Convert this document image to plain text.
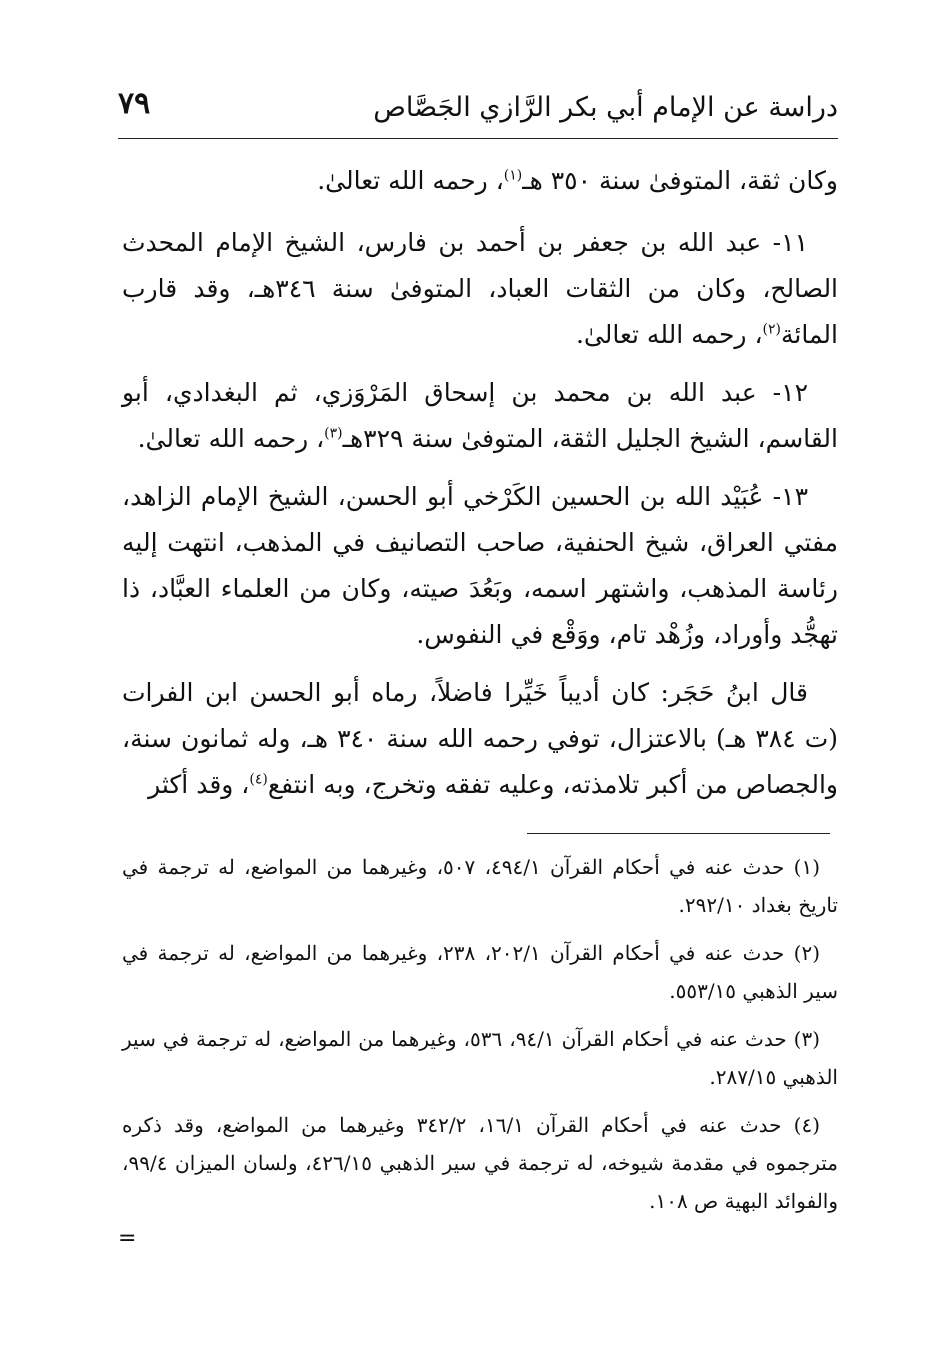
٧٩	دراسة عن الإمام أبي بكر الرَّازي الجَصَّاص

وكان ثقة، المتوفىٰ سنة ٣٥٠ هـ$^{(١)}$، رحمه الله تعالىٰ.

١١- عبد الله بن جعفر بن أحمد بن فارس، الشيخ الإمام المحدث الصالح، وكان من الثقات العباد، المتوفىٰ سنة ٣٤٦هـ، وقد قارب المائة$^{(٢)}$، رحمه الله تعالىٰ.

١٢- عبد الله بن محمد بن إسحاق المَرْوَزي، ثم البغدادي، أبو القاسم، الشيخ الجليل الثقة، المتوفىٰ سنة ٣٢٩هـ$^{(٣)}$، رحمه الله تعالىٰ.

١٣- عُبَيْد الله بن الحسين الكَرْخي أبو الحسن، الشيخ الإمام الزاهد، مفتي العراق، شيخ الحنفية، صاحب التصانيف في المذهب، انتهت إليه رئاسة المذهب، واشتهر اسمه، وبَعُدَ صيته، وكان من العلماء العبَّاد، ذا تهجُّد وأوراد، وزُهْد تام، ووَقْع في النفوس.

قال ابنُ حَجَر: كان أديباً خَيِّرا فاضلاً، رماه أبو الحسن ابن الفرات (ت ٣٨٤ هـ) بالاعتزال، توفي رحمه الله سنة ٣٤٠ هـ، وله ثمانون سنة، والجصاص من أكبر تلامذته، وعليه تفقه وتخرج، وبه انتفع$^{(٤)}$، وقد أكثر

(١) حدث عنه في أحكام القرآن ٤٩٤/١، ٥٠٧، وغيرهما من المواضع، له ترجمة في تاريخ بغداد ٢٩٢/١٠.

(٢) حدث عنه في أحكام القرآن ٢٠٢/١، ٢٣٨، وغيرهما من المواضع، له ترجمة في سير الذهبي ٥٥٣/١٥.

(٣) حدث عنه في أحكام القرآن ٩٤/١، ٥٣٦، وغيرهما من المواضع، له ترجمة في سير الذهبي ٢٨٧/١٥.

(٤) حدث عنه في أحكام القرآن ١٦/١، ٣٤٢/٢ وغيرهما من المواضع، وقد ذكره مترجموه في مقدمة شيوخه، له ترجمة في سير الذهبي ٤٢٦/١٥، ولسان الميزان ٩٩/٤، والفوائد البهية ص ١٠٨.

=
